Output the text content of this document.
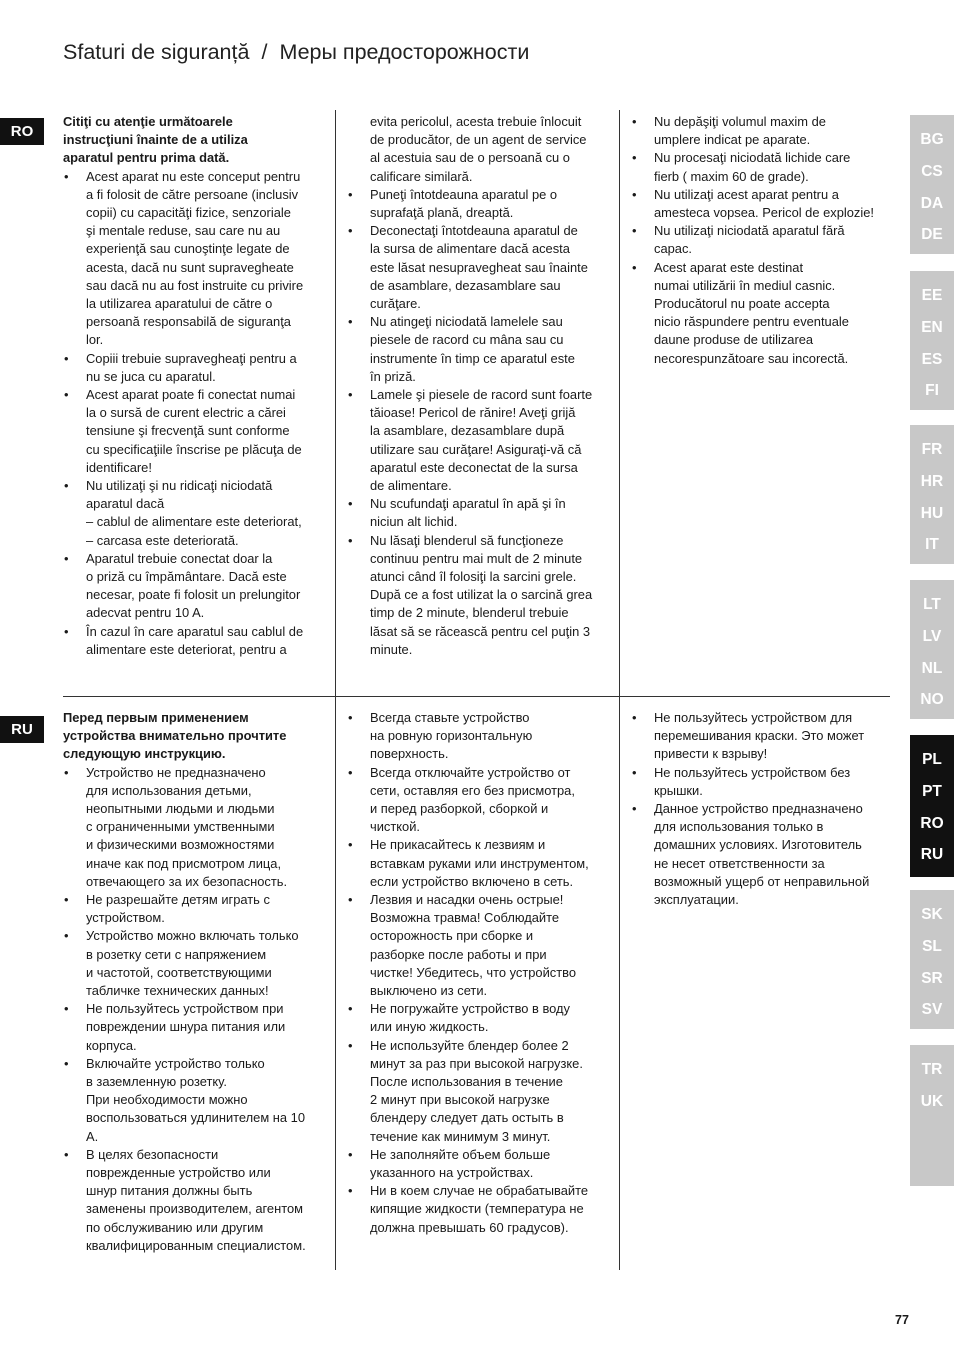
Sfaturi de siguranță / Меры предосторожности
RO
RU

Citiţi cu atenţie următoarele
instrucţiuni înainte de a utiliza
aparatul pentru prima dată.

• Acest aparat nu este conceput pentru
a fi folosit de către persoane (inclusiv
copii) cu capacităţi fizice, senzoriale
şi mentale reduse, sau care nu au
experienţă sau cunoştinţe legate de
acesta, dacă nu sunt supravegheate
sau dacă nu au fost instruite cu privire
la utilizarea aparatului de către o
persoană responsabilă de siguranţa
lor.
• Copiii trebuie supravegheaţi pentru a
nu se juca cu aparatul.
• Acest aparat poate fi conectat numai
la o sursă de curent electric a cărei
tensiune şi frecvenţă sunt conforme
cu specificaţiile înscrise pe plăcuţa de
identificare!
• Nu utilizaţi şi nu ridicaţi niciodată
aparatul dacă
– cablul de alimentare este deteriorat,
– carcasa este deteriorată.
• Aparatul trebuie conectat doar la
o priză cu împământare. Dacă este
necesar, poate fi folosit un prelungitor
adecvat pentru 10 A.
• În cazul în care aparatul sau cablul de
alimentare este deteriorat, pentru a
evita pericolul, acesta trebuie înlocuit
de producător, de un agent de service
al acestuia sau de o persoană cu o
calificare similară.
• Puneţi întotdeauna aparatul pe o
suprafaţă plană, dreaptă.
• Deconectaţi întotdeauna aparatul de
la sursa de alimentare dacă acesta
este lăsat nesupravegheat sau înainte
de asamblare, dezasamblare sau
curăţare.
• Nu atingeţi niciodată lamelele sau
piesele de racord cu mâna sau cu
instrumente în timp ce aparatul este
în priză.
• Lamele şi piesele de racord sunt foarte
tăioase! Pericol de rănire! Aveţi grijă
la asamblare, dezasamblare după
utilizare sau curăţare! Asiguraţi-vă că
aparatul este deconectat de la sursa
de alimentare.
• Nu scufundaţi aparatul în apă şi în
niciun alt lichid.
• Nu lăsaţi blenderul să funcţioneze
continuu pentru mai mult de 2 minute
atunci când îl folosiţi la sarcini grele.
După ce a fost utilizat la o sarcină grea
timp de 2 minute, blenderul trebuie
lăsat să se răcească pentru cel puţin 3
minute.
• Nu depăşiţi volumul maxim de
umplere indicat pe aparate.
• Nu procesaţi niciodată lichide care
fierb ( maxim 60 de grade).
• Nu utilizaţi acest aparat pentru a
amesteca vopsea. Pericol de explozie!
• Nu utilizaţi niciodată aparatul fără
capac.
• Acest aparat este destinat
numai utilizării în mediul casnic.
Producătorul nu poate accepta
nicio răspundere pentru eventuale
daune produse de utilizarea
necorespunzătoare sau incorectă.

Перед первым применением
устройства внимательно прочтите
следующую инструкцию.

• Устройство не предназначено
для использования детьми,
неопытными людьми и людьми
с ограниченными умственными
и физическими возможностями
иначе как под присмотром лица,
отвечающего за их безопасность.
• Не разрешайте детям играть с
устройством.
• Устройство можно включать только
в розетку сети с напряжением
и частотой, соответствующими
табличке технических данных!
• Не пользуйтесь устройством при
повреждении шнура питания или
корпуса.
• Включайте устройство только
в заземленную розетку.
При необходимости можно
воспользоваться удлинителем на 10
А.
• В целях безопасности
поврежденные устройство или
шнур питания должны быть
заменены производителем, агентом
по обслуживанию или другим
квалифицированным специалистом.
• Всегда ставьте устройство
на ровную горизонтальную
поверхность.
• Всегда отключайте устройство от
сети, оставляя его без присмотра,
и перед разборкой, сборкой и
чисткой.
• Не прикасайтесь к лезвиям и
вставкам руками или инструментом,
если устройство включено в сеть.
• Лезвия и насадки очень острые!
Возможна травма! Соблюдайте
осторожность при сборке и
разборке после работы и при
чистке! Убедитесь, что устройство
выключено из сети.
• Не погружайте устройство в воду
или иную жидкость.
• Не используйте блендер более 2
минут за раз при высокой нагрузке.
После использования в течение
2 минут при высокой нагрузке
блендеру следует дать остыть в
течение как минимум 3 минут.
• Не заполняйте объем больше
указанного на устройствах.
• Ни в коем случае не обрабатывайте
кипящие жидкости (температура не
должна превышать 60 градусов).
• Не пользуйтесь устройством для
перемешивания краски. Это может
привести к взрыву!
• Не пользуйтесь устройством без
крышки.
• Данное устройство предназначено
для использования только в
домашних условиях. Изготовитель
не несет ответственности за
возможный ущерб от неправильной
эксплуатации.
BG
CS
DA
DE
EE
EN
ES
FI
FR
HR
HU
IT
LT
LV
NL
NO
PL
PT
RO
RU
SK
SL
SR
SV
TR
UK
77
